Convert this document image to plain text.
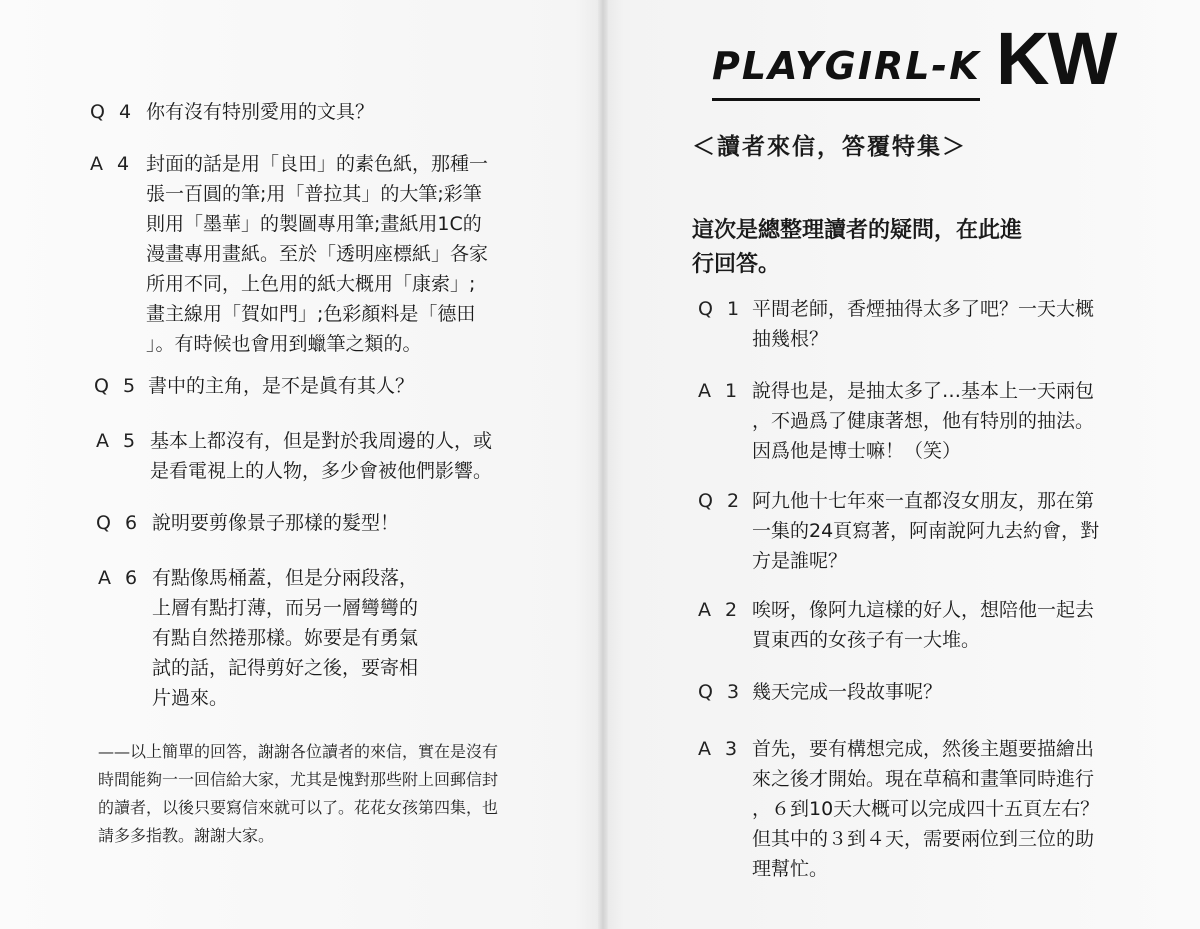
Q 4 你有沒有特別愛用的文具？
A 4 封面的話是用「良田」的素色紙，那種一
張一百圓的筆;用「普拉其」的大筆;彩筆
則用「墨華」的製圖專用筆;畫紙用1C的
漫畫專用畫紙。至於「透明座標紙」各家
所用不同，上色用的紙大概用「康索」;
畫主線用「賀如門」;色彩顏料是「德田
」。有時候也會用到蠟筆之類的。
Q 5 書中的主角，是不是眞有其人？
A 5 基本上都沒有，但是對於我周邊的人，或
是看電視上的人物，多少會被他們影響。
Q 6 說明要剪像景子那樣的髮型！
A 6 有點像馬桶蓋，但是分兩段落，
上層有點打薄，而另一層彎彎的
有點自然捲那樣。妳要是有勇氣
試的話，記得剪好之後，要寄相
片過來。
——以上簡單的回答，謝謝各位讀者的來信，實在是沒有
時間能夠一一回信給大家，尤其是愧對那些附上回郵信封
的讀者，以後只要寫信來就可以了。花花女孩第四集，也
請多多指教。謝謝大家。
PLAYGIRL-K KW
＜讀者來信，答覆特集＞
這次是總整理讀者的疑問，在此進
行回答。
Q 1 平間老師，香煙抽得太多了吧？一天大概
抽幾根？
A 1 說得也是，是抽太多了…基本上一天兩包
，不過爲了健康著想，他有特別的抽法。
因爲他是博士嘛！（笑）
Q 2 阿九他十七年來一直都沒女朋友，那在第
一集的24頁寫著，阿南說阿九去約會，對
方是誰呢？
A 2 唉呀，像阿九這樣的好人，想陪他一起去
買東西的女孩子有一大堆。
Q 3 幾天完成一段故事呢？
A 3 首先，要有構想完成，然後主題要描繪出
來之後才開始。現在草稿和畫筆同時進行
，６到10天大概可以完成四十五頁左右？
但其中的３到４天，需要兩位到三位的助
理幫忙。
